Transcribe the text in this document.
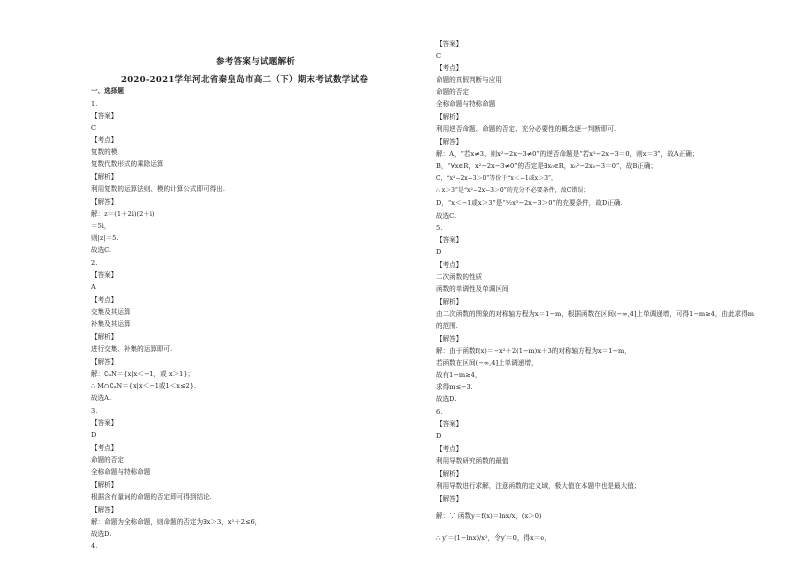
参考答案与试题解析
2020-2021学年河北省秦皇岛市高二（下）期末考试数学试卷
一、选择题
1.
【答案】
C
【考点】
复数的模
复数代数形式的乘除运算
【解析】
利用复数的运算法则、模的计算公式即可得出.
【解答】
解：z＝(1＋2i)(2＋i)
＝5i，
则|z|＝5.
故选C.
2.
【答案】
A
【考点】
交集及其运算
补集及其运算
【解析】
进行交集、补集的运算即可.
【解答】
解：∁ᵤN＝{x|x＜−1，或 x＞1}；
∴ M∩∁ᵤN＝{x|x＜−1或1＜x≤2}.
故选A.
3.
【答案】
D
【考点】
命题的否定
全称命题与特称命题
【解析】
根据含有量词的命题的否定即可得到结论.
【解答】
解：命题为全称命题，则命题的否定为∃x＞3，x²＋2≤6，
故选D.
4.
【答案】
C
【考点】
命题的真假判断与应用
命题的否定
全称命题与特称命题
【解析】
利用逆否命题、命题的否定、充分必要性的概念逐一判断即可.
【解答】
解：A，“若x≠3，则x²−2x−3≠0”的逆否命题是“若x²−2x−3＝0，则x＝3”，故A正确；
B，“∀x∈R，x²−2x−3≠0”的否定是∃x₀∈R，x₀²−2x₀−3＝0”，故B正确；
C，“x²−2x−3＞0”等价于“x＜−1或x＞3”，
∴ x＞3”是“x²−2x−3＞0”的充分不必要条件，故C错误；
D，“x＜−1或x＞3”是“½x²−2x−3＞0”的充要条件，故D正确.
故选C.
5.
【答案】
D
【考点】
二次函数的性质
函数的单调性及单调区间
【解析】
由二次函数的图象的对称轴方程为x＝1−m，根据函数在区间(−∞,4]上单调递增，可得1−m≥4，由此求得m
的范围.
【解答】
解：由于函数f(x)＝−x²＋2(1−m)x＋3的对称轴方程为x＝1−m，
若函数在区间(−∞,4]上单调递增，
故有1−m≥4，
求得m≤−3.
故选D.
6.
【答案】
D
【考点】
利用导数研究函数的最值
【解析】
利用导数进行求解，注意函数的定义域，极大值在本题中也是最大值；
【解答】
解：∵ 函数y＝f(x)＝lnx/x，(x＞0)
∴ y′＝(1−lnx)/x²，令y′＝0，得x＝e，
